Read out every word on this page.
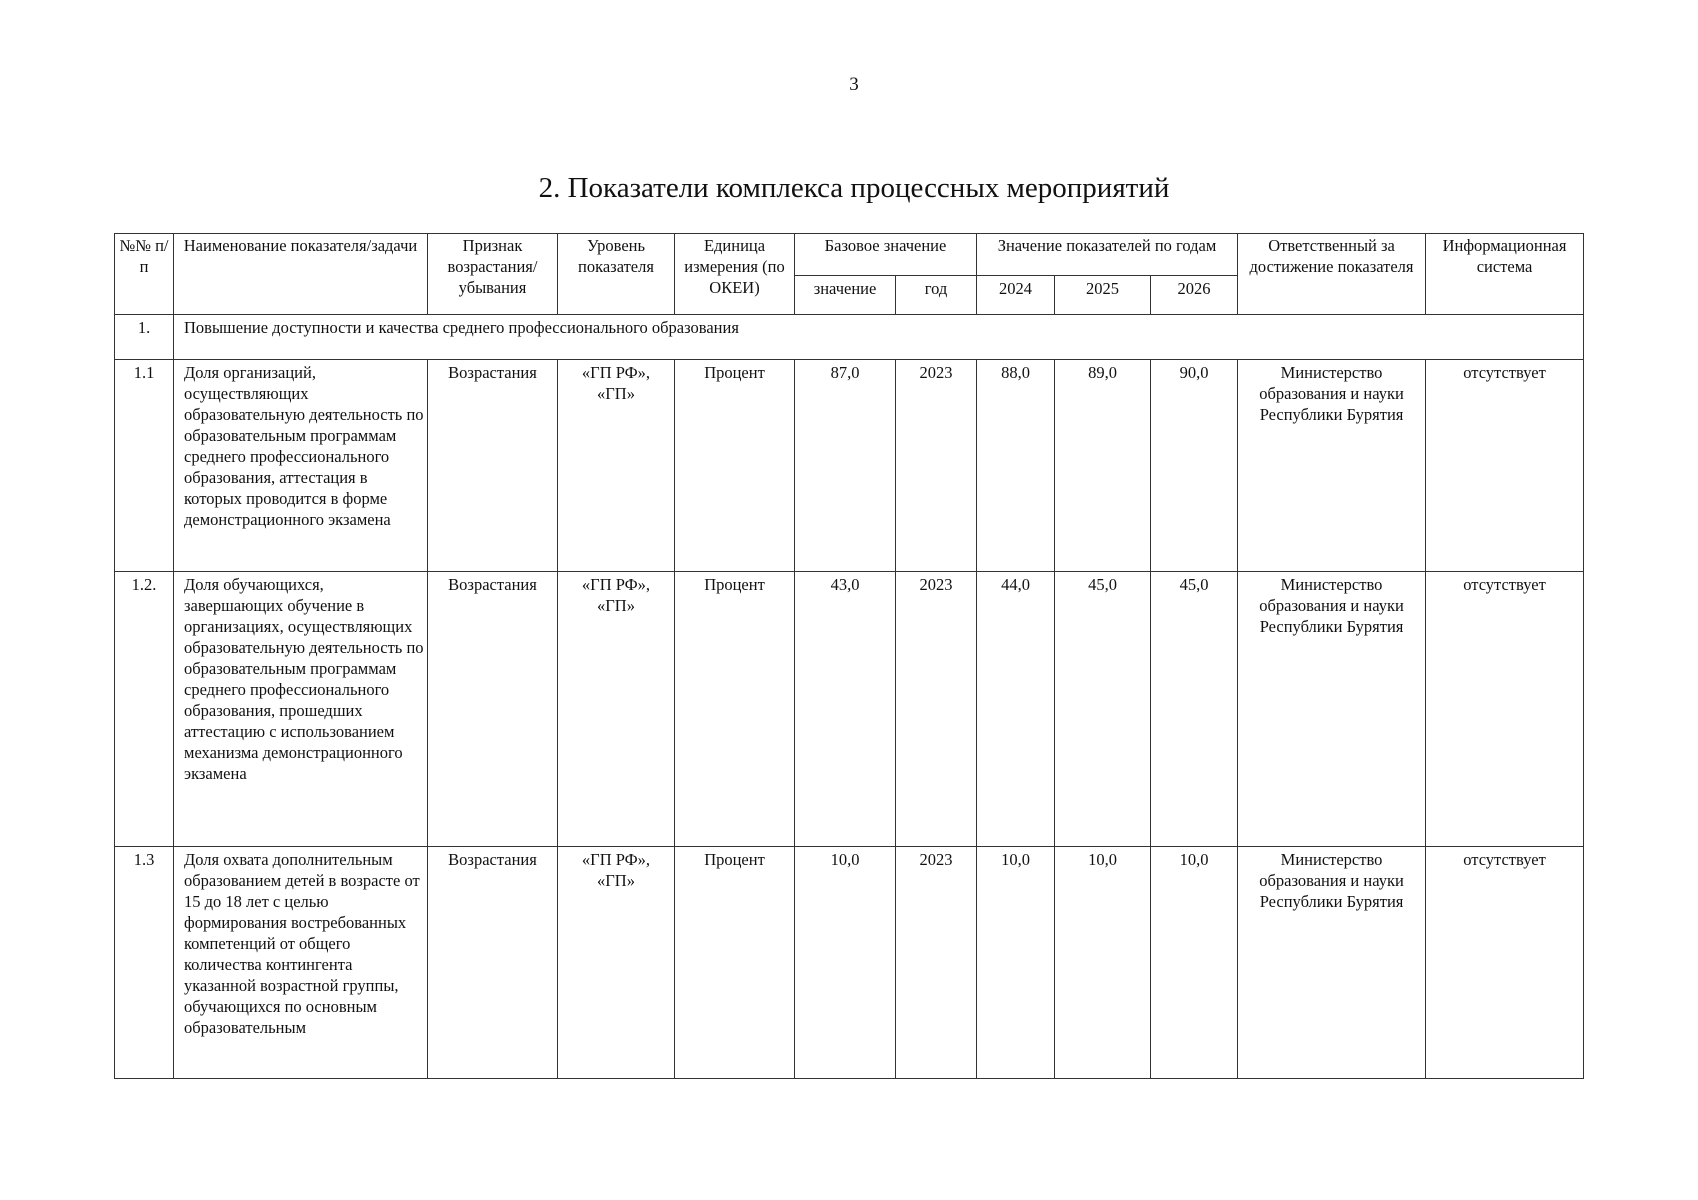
3
2. Показатели комплекса процессных мероприятий
№№ п/п	Наименование показателя/задачи	Признак возрастания/ убывания	Уровень показателя	Единица измерения (по ОКЕИ)	Базовое значение		Значение показателей по годам			Ответственный за достижение показателя	Информационная система
					значение	год	2024	2025	2026		
1.	Повышение доступности и качества среднего профессионального образования										
1.1	Доля организаций, осуществляющих образовательную деятельность по образовательным программам среднего профессионального образования, аттестация в которых проводится в форме демонстрационного экзамена	Возрастания	«ГП РФ», «ГП»	Процент	87,0	2023	88,0	89,0	90,0	Министерство образования и науки Республики Бурятия	отсутствует
1.2.	Доля обучающихся, завершающих обучение в организациях, осуществляющих образовательную деятельность по образовательным программам среднего профессионального образования, прошедших аттестацию с использованием механизма демонстрационного экзамена	Возрастания	«ГП РФ», «ГП»	Процент	43,0	2023	44,0	45,0	45,0	Министерство образования и науки Республики Бурятия	отсутствует
1.3	Доля охвата дополнительным образованием детей в возрасте от 15 до 18 лет с целью формирования востребованных компетенций от общего количества контингента указанной возрастной группы, обучающихся по основным образовательным	Возрастания	«ГП РФ», «ГП»	Процент	10,0	2023	10,0	10,0	10,0	Министерство образования и науки Республики Бурятия	отсутствует
